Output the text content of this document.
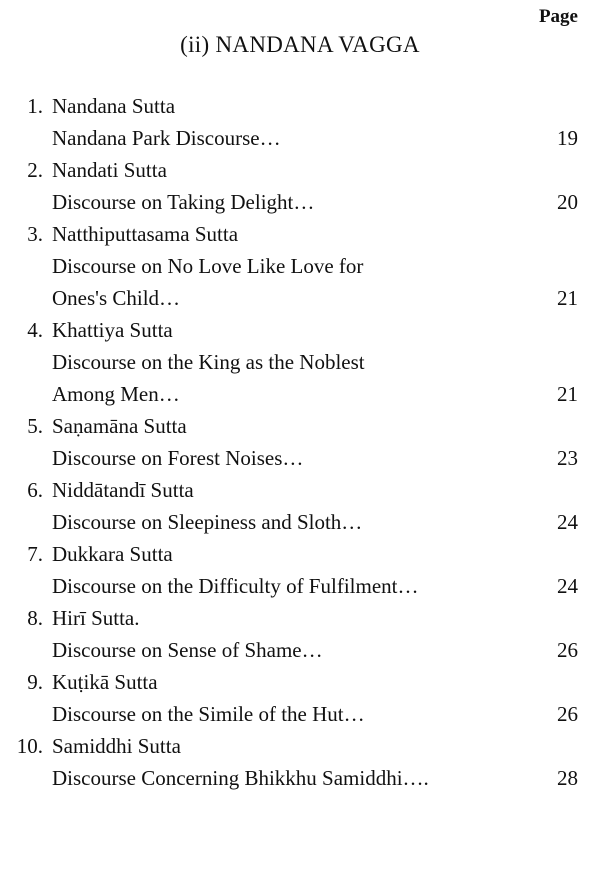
Page
(ii) NANDANA VAGGA
1. Nandana Sutta
Nandana Park Discourse…	19
2. Nandati Sutta
Discourse on Taking Delight…	20
3. Natthiputtasama Sutta
Discourse on No Love Like Love for
Ones's Child…	21
4. Khattiya Sutta
Discourse on the King as the Noblest
Among Men…	21
5. Saṇamāna Sutta
Discourse on Forest Noises…	23
6. Niddātandī Sutta
Discourse on Sleepiness and Sloth…	24
7. Dukkara Sutta
Discourse on the Difficulty of Fulfilment…	24
8. Hirī Sutta.
Discourse on Sense of Shame…	26
9. Kuṭikā Sutta
Discourse on the Simile of the Hut…	26
10. Samiddhi Sutta
Discourse Concerning Bhikkhu Samiddhi….	28
